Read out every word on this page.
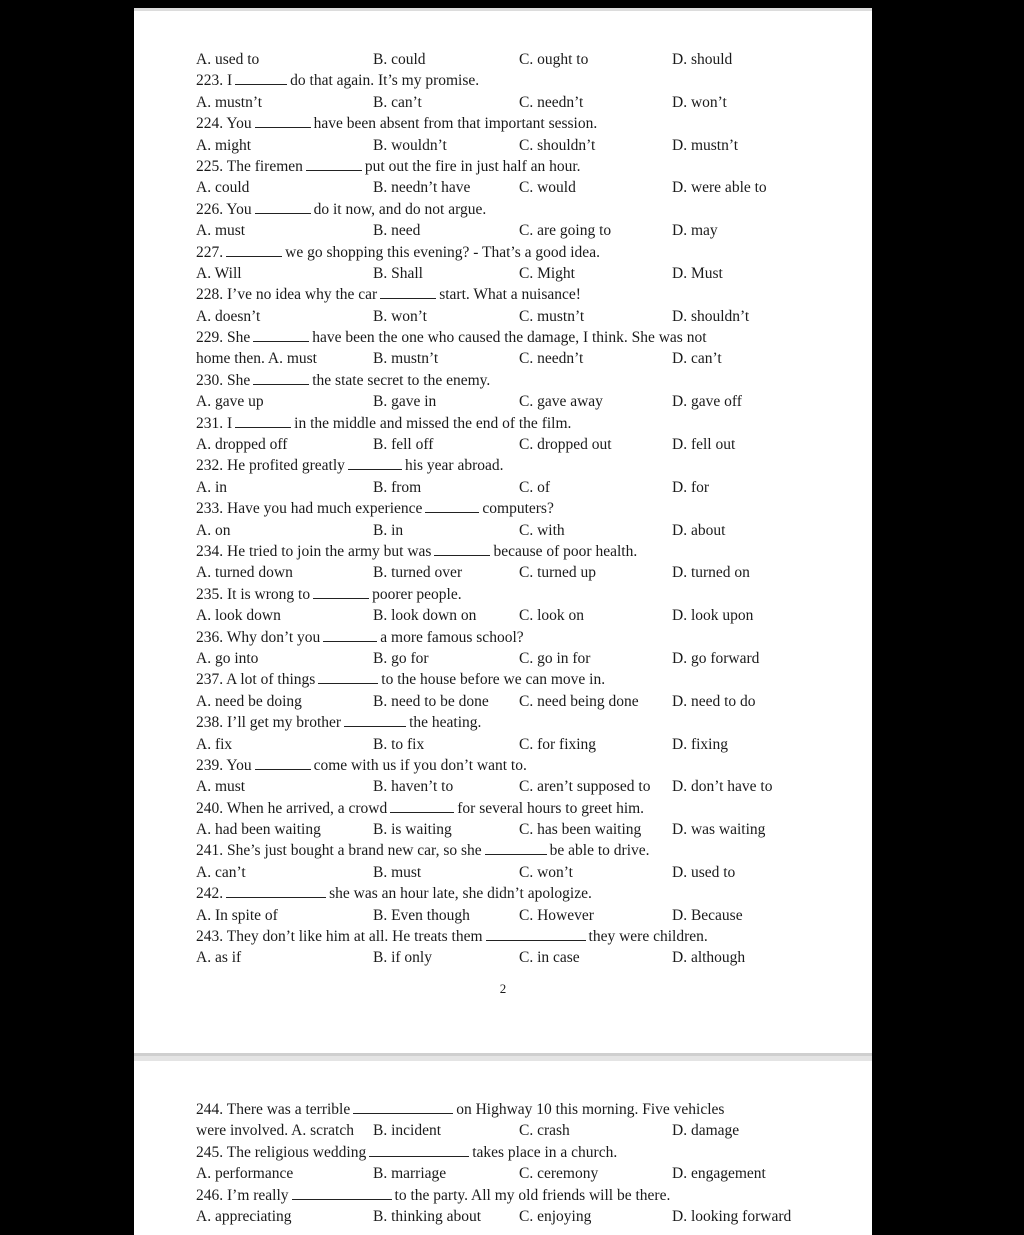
A. used to	B. could	C. ought to	D. should
223. I	do that again. It’s my promise.
A. mustn’t	B. can’t	C. needn’t	D. won’t
224. You	have been absent from that important session.
A. might	B. wouldn’t	C. shouldn’t	D. mustn’t
225. The firemen	put out the fire in just half an hour.
A. could	B. needn’t have	C. would	D. were able to
226. You	do it now, and do not argue.
A. must	B. need	C. are going to	D. may
227.	we go shopping this evening? - That’s a good idea.
A. Will	B. Shall	C. Might	D. Must
228. I’ve no idea why the car	start. What a nuisance!
A. doesn’t	B. won’t	C. mustn’t	D. shouldn’t
229. She	have been the one who caused the damage, I think. She was not
home then. A. must	B. mustn’t	C. needn’t	D. can’t
230. She	the state secret to the enemy.
A. gave up	B. gave in	C. gave away	D. gave off
231. I	in the middle and missed the end of the film.
A. dropped off	B. fell off	C. dropped out	D. fell out
232. He profited greatly	his year abroad.
A. in	B. from	C. of	D. for
233. Have you had much experience	computers?
A. on	B. in	C. with	D. about
234. He tried to join the army but was	because of poor health.
A. turned down	B. turned over	C. turned up	D. turned on
235. It is wrong to	poorer people.
A. look down	B. look down on	C. look on	D. look upon
236. Why don’t you	a more famous school?
A. go into	B. go for	C. go in for	D. go forward
237. A lot of things	to the house before we can move in.
A. need be doing	B. need to be done C. need being done D. need to do
238. I’ll get my brother	the heating.
A. fix	B. to fix	C. for fixing	D. fixing
239. You	come with us if you don’t want to.
A. must	B. haven’t to	C. aren’t supposed to D. don’t have to
240. When he arrived, a crowd	for several hours to greet him.
A. had been waiting	B. is waiting	C. has been waiting D. was waiting
241. She’s just bought a brand new car, so she	be able to drive.
A. can’t	B. must	C. won’t	D. used to
242.	she was an hour late, she didn’t apologize.
A. In spite of	B. Even though	C. However	D. Because
243. They don’t like him at all. He treats them	they were children.
A. as if	B. if only	C. in case	D. although
2
244. There was a terrible	on Highway 10 this morning. Five vehicles
were involved. A. scratch B. incident	C. crash	D. damage
245. The religious wedding	takes place in a church.
A. performance	B. marriage	C. ceremony	D. engagement
246. I’m really	to the party. All my old friends will be there.
A. appreciating	B. thinking about C. enjoying	D. looking forward
